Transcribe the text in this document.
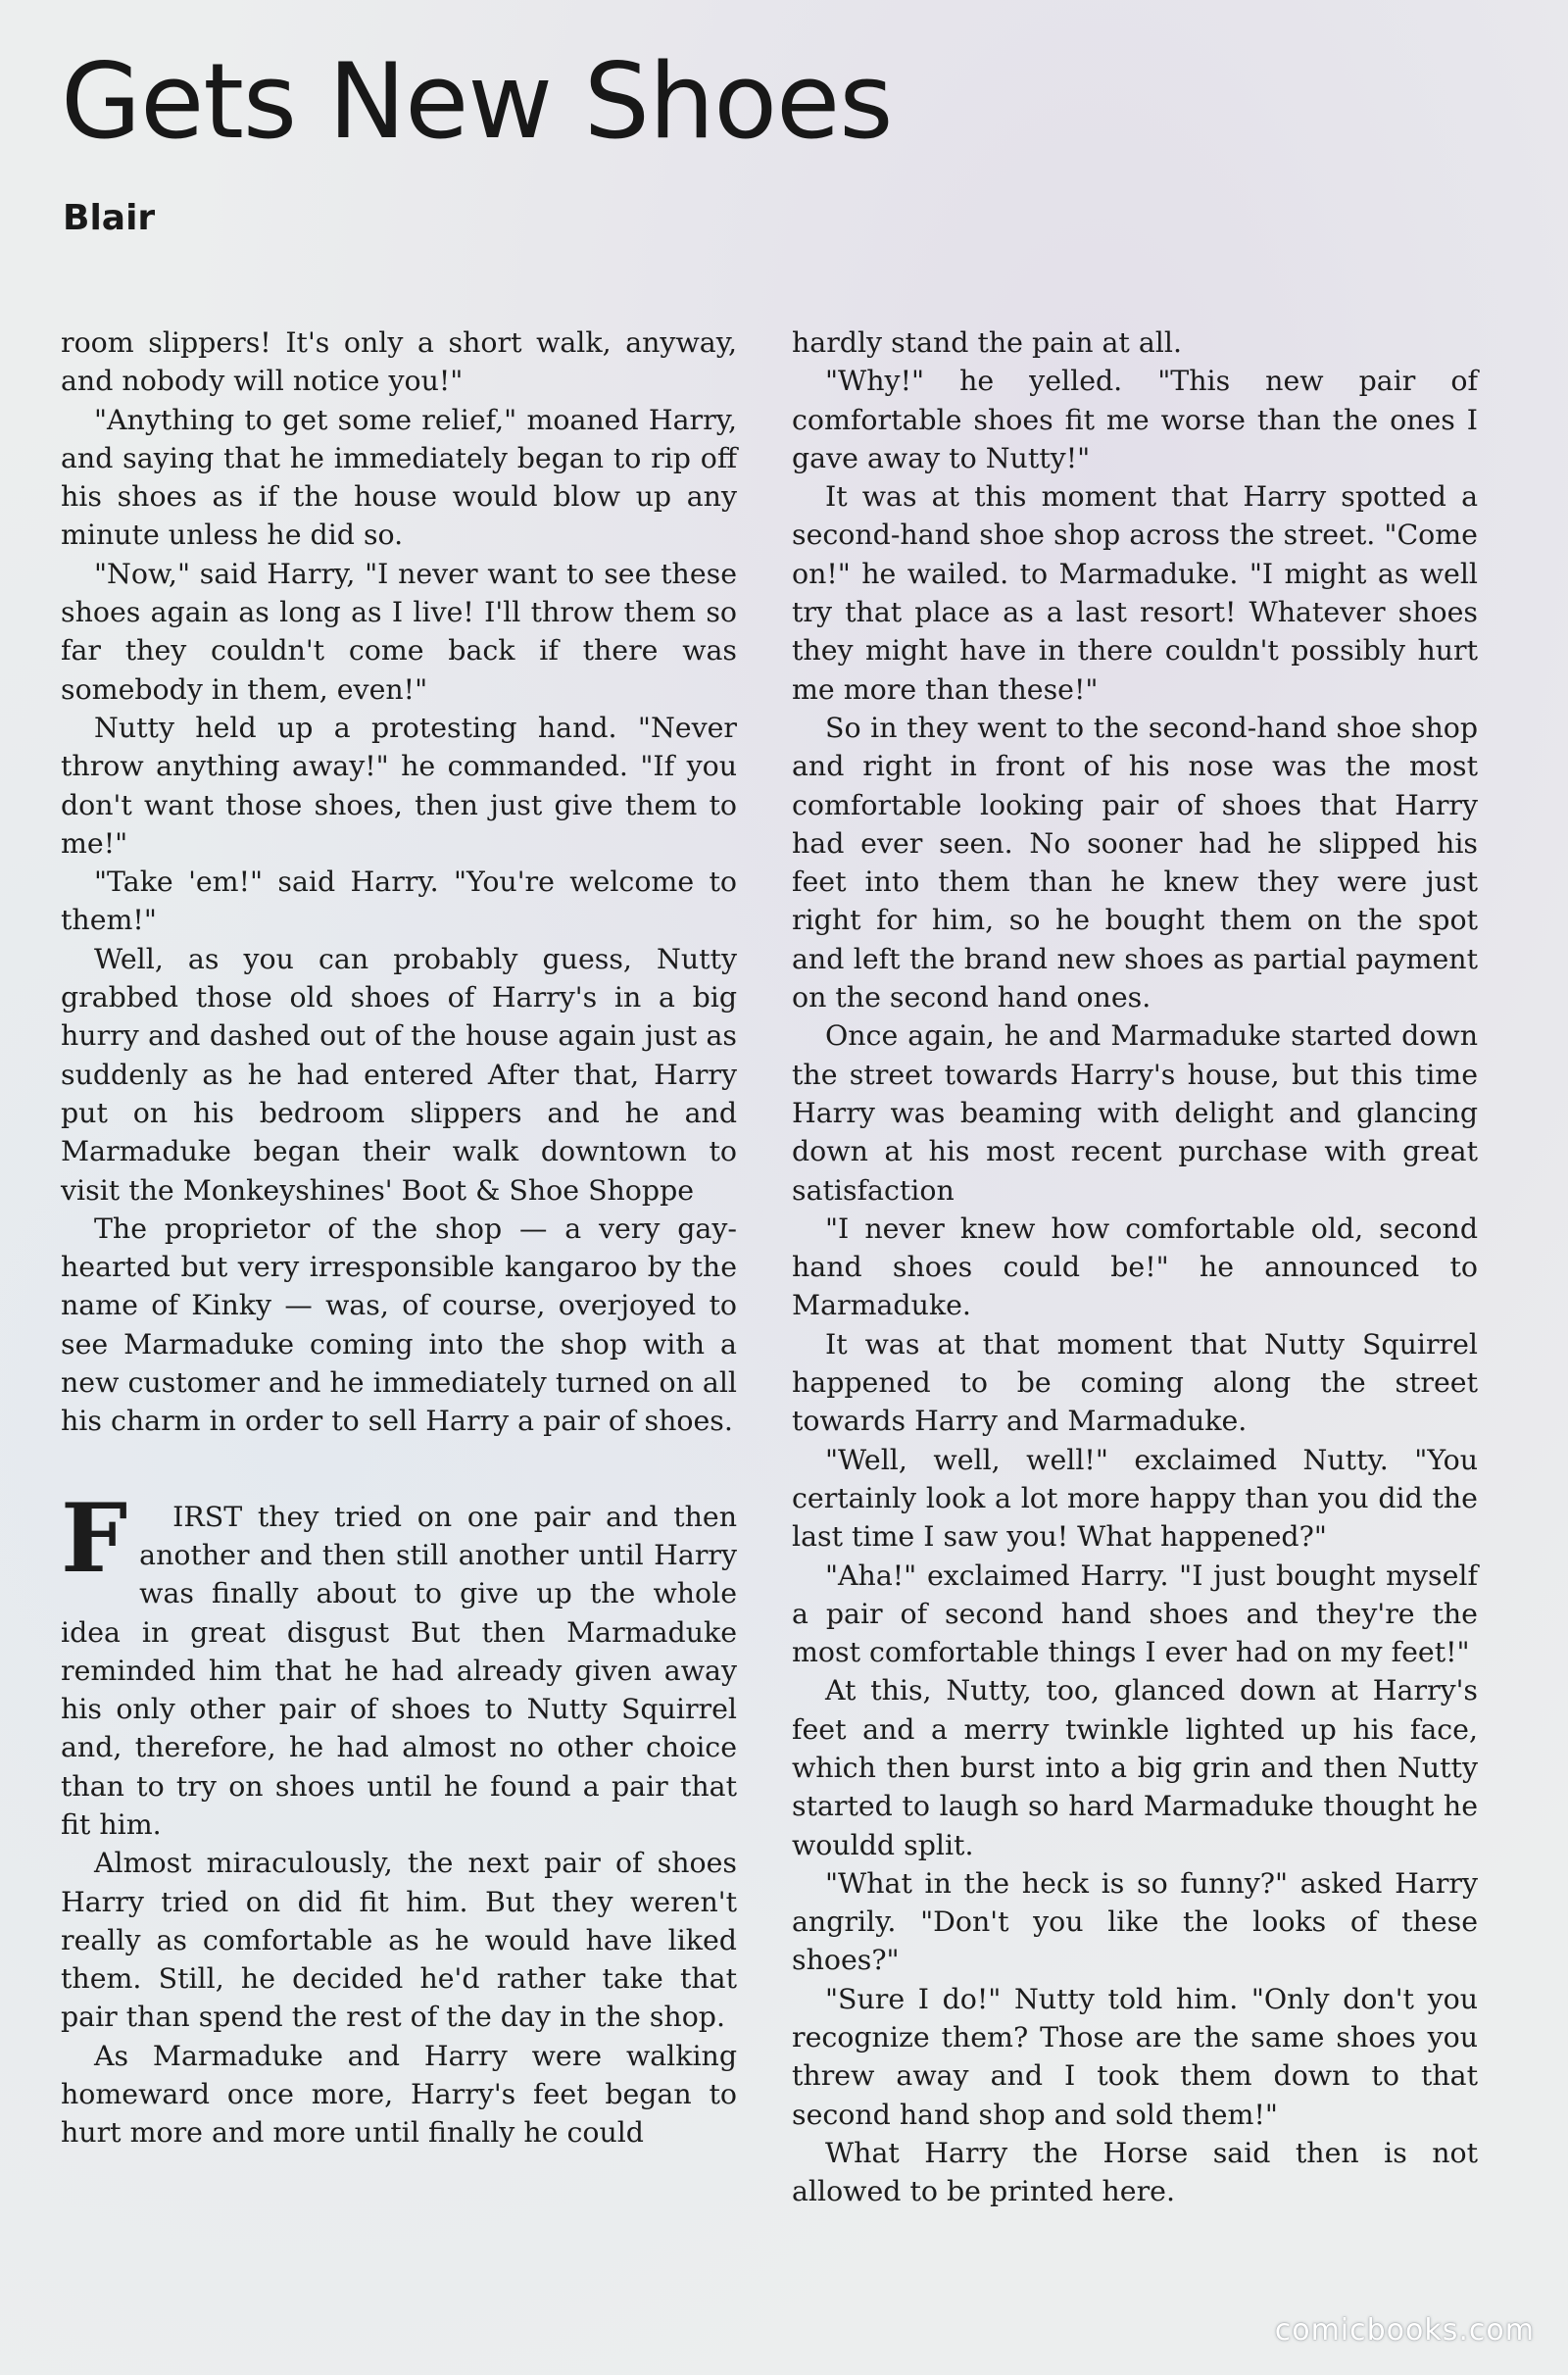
Gets New Shoes
Blair

room slippers! It's only a short walk, anyway, and nobody will notice you!"

"Anything to get some relief," moaned Harry, and saying that he immediately began to rip off his shoes as if the house would blow up any minute unless he did so.

"Now," said Harry, "I never want to see these shoes again as long as I live! I'll throw them so far they couldn't come back if there was somebody in them, even!"

Nutty held up a protesting hand. "Never throw anything away!" he commanded. "If you don't want those shoes, then just give them to me!"

"Take 'em!" said Harry. "You're welcome to them!"

Well, as you can probably guess, Nutty grabbed those old shoes of Harry's in a big hurry and dashed out of the house again just as suddenly as he had entered After that, Harry put on his bedroom slippers and he and Marmaduke began their walk downtown to visit the Monkeyshines' Boot & Shoe Shoppe

The proprietor of the shop — a very gay-hearted but very irresponsible kangaroo by the name of Kinky — was, of course, overjoyed to see Marmaduke coming into the shop with a new customer and he immediately turned on all his charm in order to sell Harry a pair of shoes.

F IRST they tried on one pair and then another and then still another until Harry was finally about to give up the whole idea in great disgust But then Marmaduke reminded him that he had already given away his only other pair of shoes to Nutty Squirrel and, therefore, he had almost no other choice than to try on shoes until he found a pair that fit him.

Almost miraculously, the next pair of shoes Harry tried on did fit him. But they weren't really as comfortable as he would have liked them. Still, he decided he'd rather take that pair than spend the rest of the day in the shop.

As Marmaduke and Harry were walking homeward once more, Harry's feet began to hurt more and more until finally he could

hardly stand the pain at all.

"Why!" he yelled. "This new pair of comfortable shoes fit me worse than the ones I gave away to Nutty!"

It was at this moment that Harry spotted a second-hand shoe shop across the street. "Come on!" he wailed. to Marmaduke. "I might as well try that place as a last resort! Whatever shoes they might have in there couldn't possibly hurt me more than these!"

So in they went to the second-hand shoe shop and right in front of his nose was the most comfortable looking pair of shoes that Harry had ever seen. No sooner had he slipped his feet into them than he knew they were just right for him, so he bought them on the spot and left the brand new shoes as partial payment on the second hand ones.

Once again, he and Marmaduke started down the street towards Harry's house, but this time Harry was beaming with delight and glancing down at his most recent purchase with great satisfaction

"I never knew how comfortable old, second hand shoes could be!" he announced to Marmaduke.

It was at that moment that Nutty Squirrel happened to be coming along the street towards Harry and Marmaduke.

"Well, well, well!" exclaimed Nutty. "You certainly look a lot more happy than you did the last time I saw you! What happened?"

"Aha!" exclaimed Harry. "I just bought myself a pair of second hand shoes and they're the most comfortable things I ever had on my feet!"

At this, Nutty, too, glanced down at Harry's feet and a merry twinkle lighted up his face, which then burst into a big grin and then Nutty started to laugh so hard Marmaduke thought he wouldd split.

"What in the heck is so funny?" asked Harry angrily. "Don't you like the looks of these shoes?"

"Sure I do!" Nutty told him. "Only don't you recognize them? Those are the same shoes you threw away and I took them down to that second hand shop and sold them!"

What Harry the Horse said then is not allowed to be printed here.

comicbooks.com
